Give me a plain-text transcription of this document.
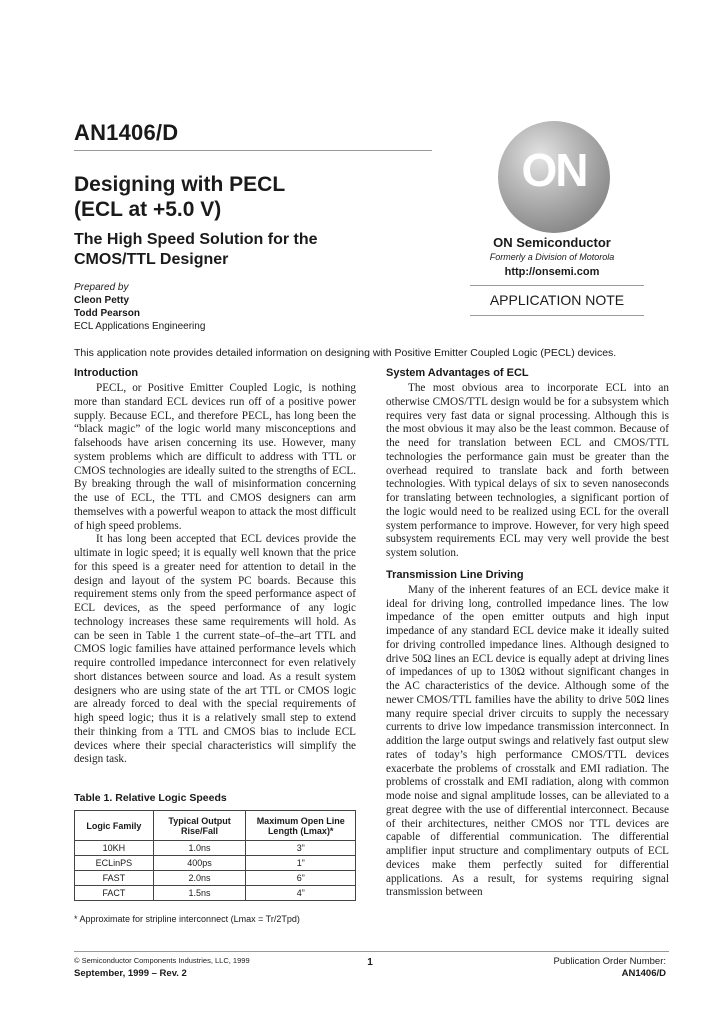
AN1406/D
ON
Designing with PECL
(ECL at +5.0 V)
The High Speed Solution for the
CMOS/TTL Designer
ON Semiconductor
Formerly a Division of Motorola
http://onsemi.com
APPLICATION NOTE
Prepared by
Cleon Petty
Todd Pearson
ECL Applications Engineering
This application note provides detailed information on designing with Positive Emitter Coupled Logic (PECL) devices.
Introduction

PECL, or Positive Emitter Coupled Logic, is nothing more than standard ECL devices run off of a positive power supply. Because ECL, and therefore PECL, has long been the “black magic” of the logic world many misconceptions and falsehoods have arisen concerning its use. However, many system problems which are difficult to address with TTL or CMOS technologies are ideally suited to the strengths of ECL. By breaking through the wall of misinformation concerning the use of ECL, the TTL and CMOS designers can arm themselves with a powerful weapon to attack the most difficult of high speed problems.

It has long been accepted that ECL devices provide the ultimate in logic speed; it is equally well known that the price for this speed is a greater need for attention to detail in the design and layout of the system PC boards. Because this requirement stems only from the speed performance aspect of ECL devices, as the speed performance of any logic technology increases these same requirements will hold. As can be seen in Table 1 the current state–of–the–art TTL and CMOS logic families have attained performance levels which require controlled impedance interconnect for even relatively short distances between source and load. As a result system designers who are using state of the art TTL or CMOS logic are already forced to deal with the special requirements of high speed logic; thus it is a relatively small step to extend their thinking from a TTL and CMOS bias to include ECL devices where their special characteristics will simplify the design task.

Table 1. Relative Logic Speeds
Logic Family	Typical Output Rise/Fall	Maximum Open Line Length (Lmax)*
10KH	1.0ns	3”
ECLinPS	400ps	1”
FAST	2.0ns	6”
FACT	1.5ns	4”
* Approximate for stripline interconnect (Lmax = Tr/2Tpd)
System Advantages of ECL

The most obvious area to incorporate ECL into an otherwise CMOS/TTL design would be for a subsystem which requires very fast data or signal processing. Although this is the most obvious it may also be the least common. Because of the need for translation between ECL and CMOS/TTL technologies the performance gain must be greater than the overhead required to translate back and forth between technologies. With typical delays of six to seven nanoseconds for translating between technologies, a significant portion of the logic would need to be realized using ECL for the overall system performance to improve. However, for very high speed subsystem requirements ECL may very well provide the best system solution.

Transmission Line Driving

Many of the inherent features of an ECL device make it ideal for driving long, controlled impedance lines. The low impedance of the open emitter outputs and high input impedance of any standard ECL device make it ideally suited for driving controlled impedance lines. Although designed to drive 50Ω lines an ECL device is equally adept at driving lines of impedances of up to 130Ω without significant changes in the AC characteristics of the device. Although some of the newer CMOS/TTL families have the ability to drive 50Ω lines many require special driver circuits to supply the necessary currents to drive low impedance transmission interconnect. In addition the large output swings and relatively fast output slew rates of today’s high performance CMOS/TTL devices exacerbate the problems of crosstalk and EMI radiation. The problems of crosstalk and EMI radiation, along with common mode noise and signal amplitude losses, can be alleviated to a great degree with the use of differential interconnect. Because of their architectures, neither CMOS nor TTL devices are capable of differential communication. The differential amplifier input structure and complimentary outputs of ECL devices make them perfectly suited for differential applications. As a result, for systems requiring signal transmission between

© Semiconductor Components Industries, LLC, 1999
September, 1999 – Rev. 2
1	Publication Order Number:
AN1406/D
